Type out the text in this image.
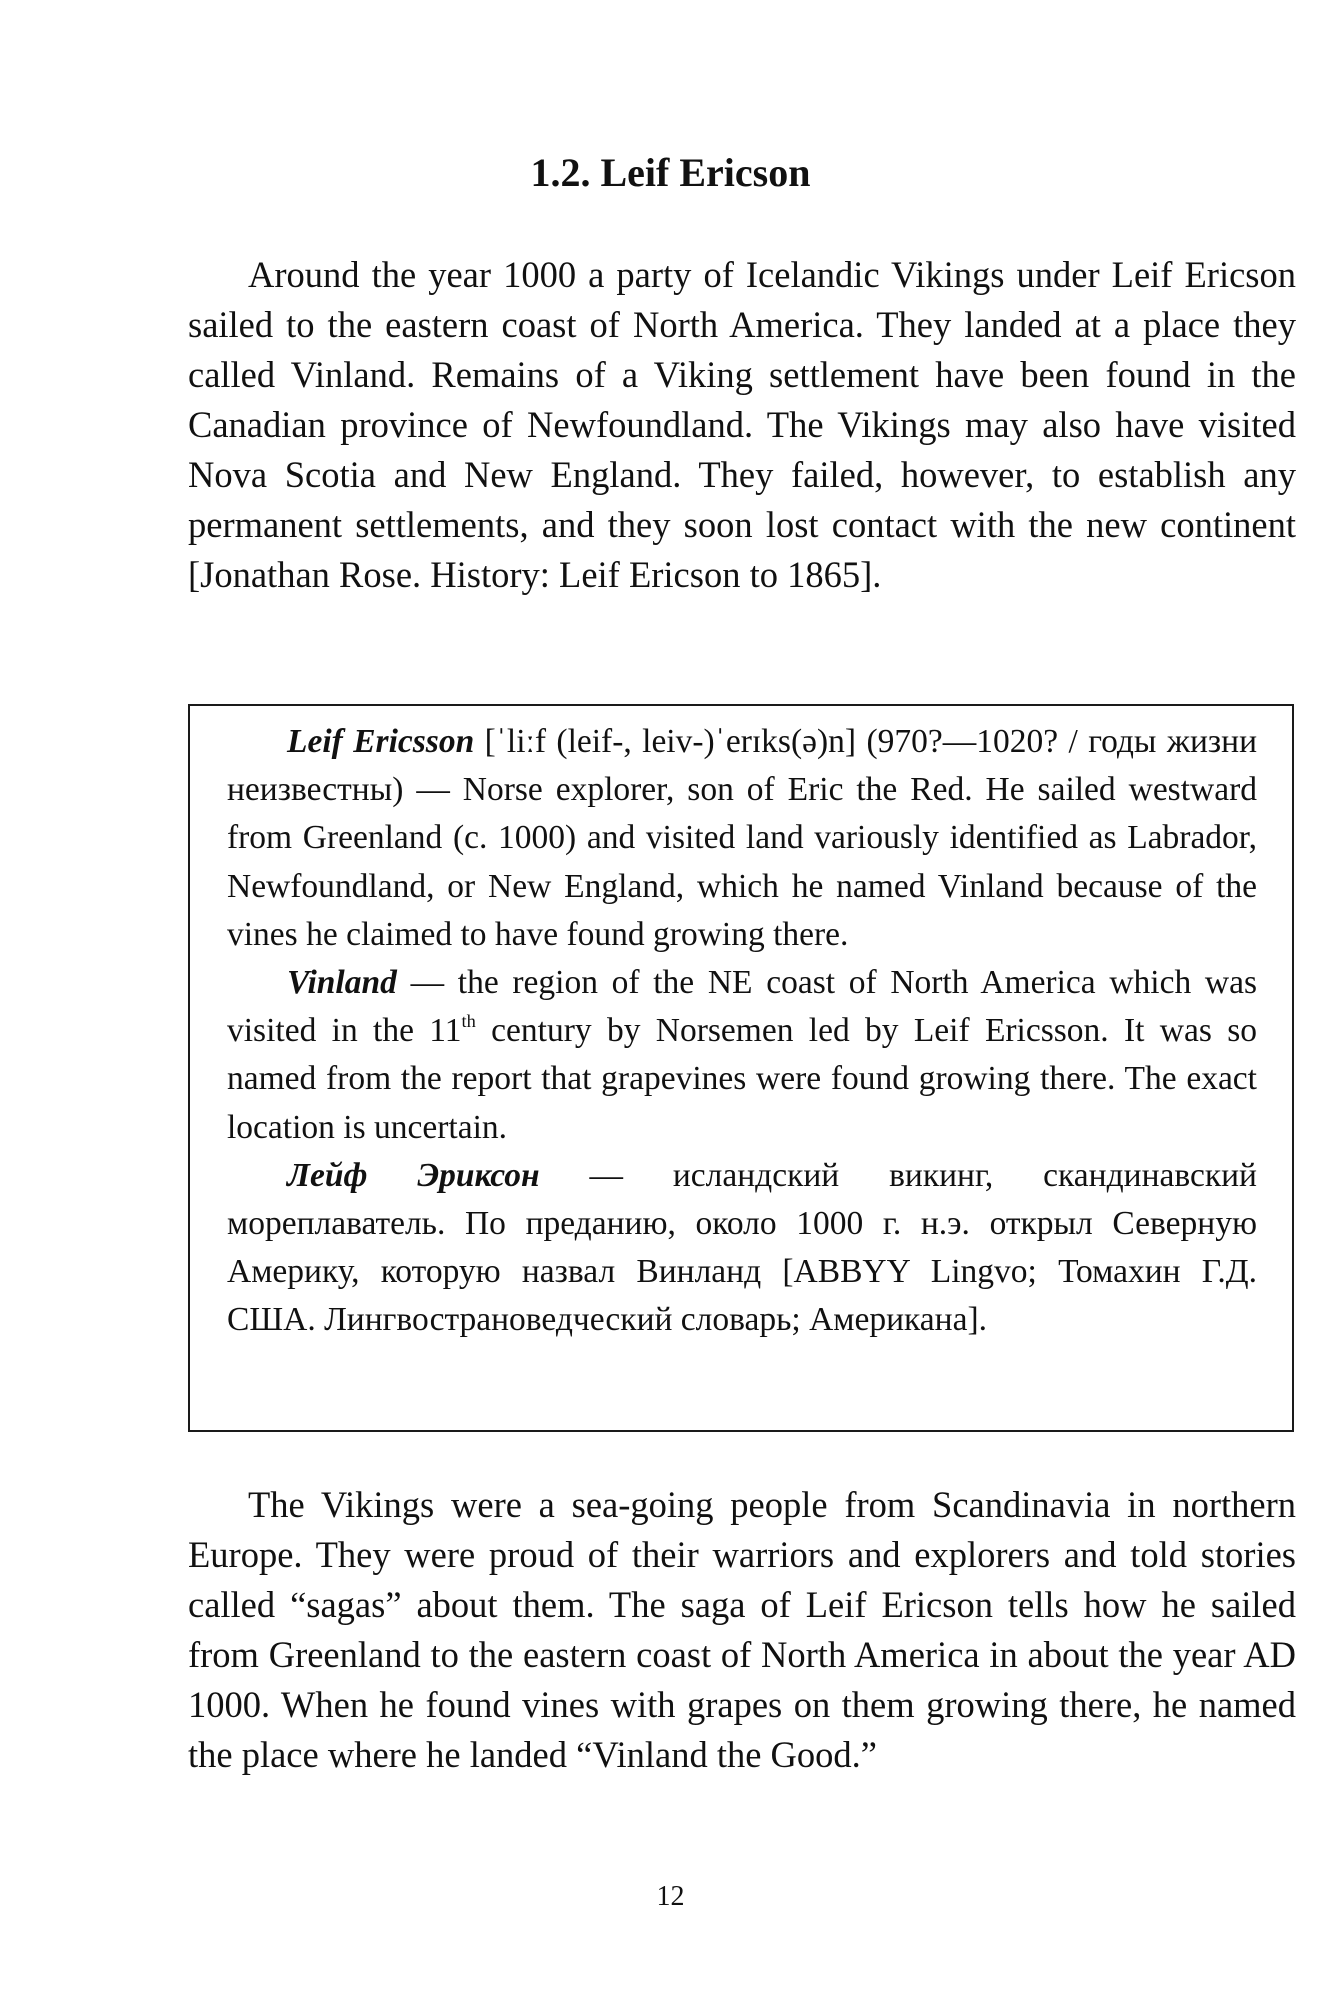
1.2. Leif Ericson

Around the year 1000 a party of Icelandic Vikings under Leif Ericson sailed to the eastern coast of North America. They landed at a place they called Vinland. Remains of a Viking settlement have been found in the Canadian province of Newfoundland. The Vikings may also have visited Nova Scotia and New England. They failed, however, to establish any permanent settlements, and they soon lost contact with the new continent [Jonathan Rose. History: Leif Ericson to 1865].

Leif Ericsson [ˈliːf (leif-, leiv-)ˈerɪks(ə)n] (970?—1020? / годы жизни неизвестны) — Norse explorer, son of Eric the Red. He sailed westward from Greenland (c. 1000) and visited land variously identified as Labrador, Newfoundland, or New England, which he named Vinland because of the vines he claimed to have found growing there.

Vinland — the region of the NE coast of North America which was visited in the 11th century by Norsemen led by Leif Ericsson. It was so named from the report that grapevines were found growing there. The exact location is uncertain.

Лейф Эриксон — исландский викинг, скандинавский мореплаватель. По преданию, около 1000 г. н.э. открыл Северную Америку, которую назвал Винланд [ABBYY Lingvo; Томахин Г.Д. США. Лингвострановедческий словарь; Американа].

The Vikings were a sea-going people from Scandinavia in northern Europe. They were proud of their warriors and explorers and told stories called “sagas” about them. The saga of Leif Ericson tells how he sailed from Greenland to the eastern coast of North America in about the year AD 1000. When he found vines with grapes on them growing there, he named the place where he landed “Vinland the Good.”

12
